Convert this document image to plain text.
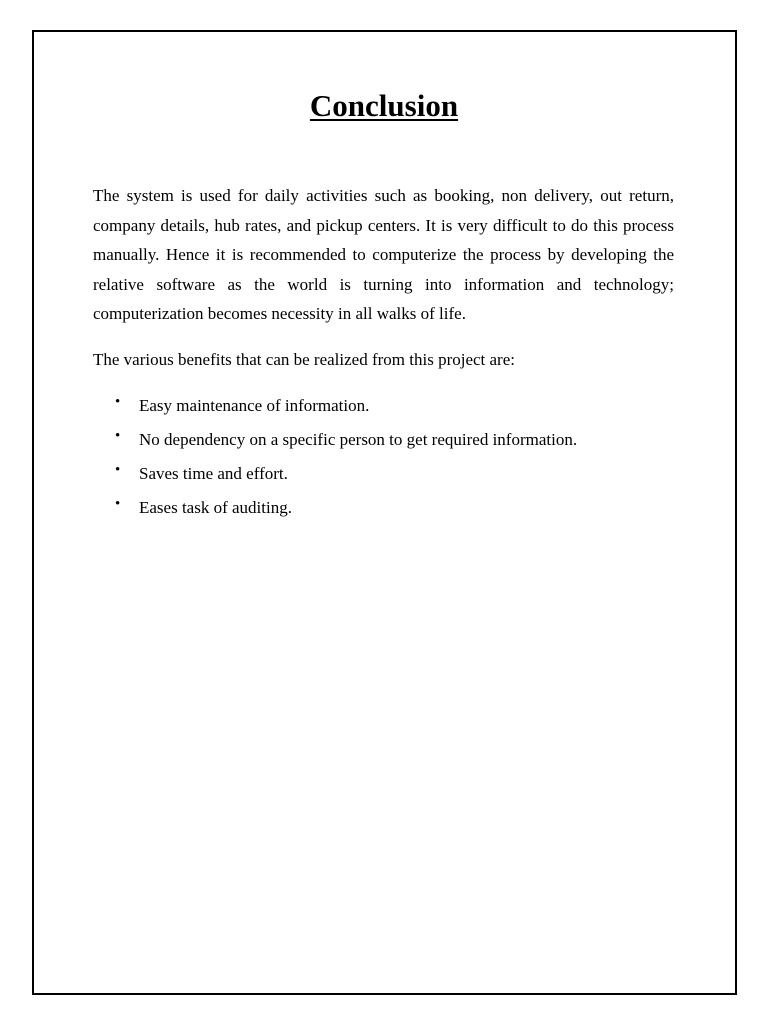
Conclusion

The system is used for daily activities such as booking, non delivery, out return, company details, hub rates, and pickup centers. It is very difficult to do this process manually. Hence it is recommended to computerize the process by developing the relative software as the world is turning into information and technology; computerization becomes necessity in all walks of life.

The various benefits that can be realized from this project are:

• Easy maintenance of information.
• No dependency on a specific person to get required information.
• Saves time and effort.
• Eases task of auditing.
